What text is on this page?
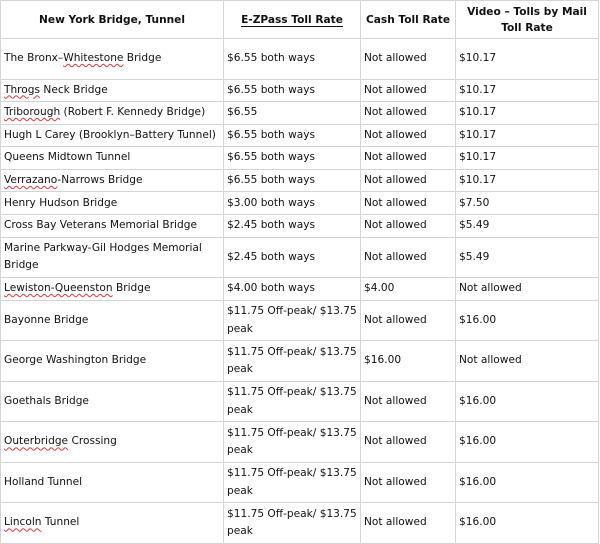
New York Bridge, Tunnel	E-ZPass Toll Rate	Cash Toll Rate	Video – Tolls by Mail Toll Rate
The Bronx–Whitestone Bridge	$6.55 both ways	Not allowed	$10.17
Throgs Neck Bridge	$6.55 both ways	Not allowed	$10.17
Triborough (Robert F. Kennedy Bridge)	$6.55	Not allowed	$10.17
Hugh L Carey (Brooklyn–Battery Tunnel)	$6.55 both ways	Not allowed	$10.17
Queens Midtown Tunnel	$6.55 both ways	Not allowed	$10.17
Verrazano-Narrows Bridge	$6.55 both ways	Not allowed	$10.17
Henry Hudson Bridge	$3.00 both ways	Not allowed	$7.50
Cross Bay Veterans Memorial Bridge	$2.45 both ways	Not allowed	$5.49
Marine Parkway-Gil Hodges Memorial Bridge	$2.45 both ways	Not allowed	$5.49
Lewiston-Queenston Bridge	$4.00 both ways	$4.00	Not allowed
Bayonne Bridge	$11.75 Off-peak/ $13.75 peak	Not allowed	$16.00
George Washington Bridge	$11.75 Off-peak/ $13.75 peak	$16.00	Not allowed
Goethals Bridge	$11.75 Off-peak/ $13.75 peak	Not allowed	$16.00
Outerbridge Crossing	$11.75 Off-peak/ $13.75 peak	Not allowed	$16.00
Holland Tunnel	$11.75 Off-peak/ $13.75 peak	Not allowed	$16.00
Lincoln Tunnel	$11.75 Off-peak/ $13.75 peak	Not allowed	$16.00
